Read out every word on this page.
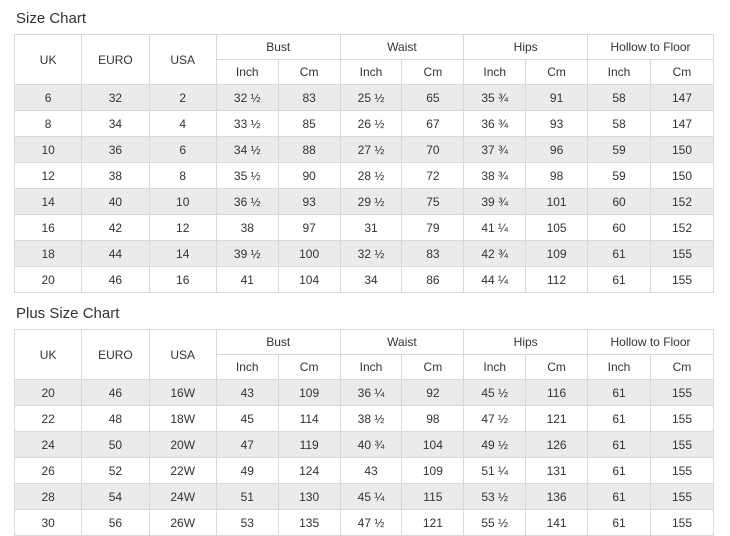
Size Chart
UK	EURO	USA	Bust		Waist		Hips		Hollow to Floor	
			Inch	Cm	Inch	Cm	Inch	Cm	Inch	Cm
6	32	2	32 ½	83	25 ½	65	35 ¾	91	58	147
8	34	4	33 ½	85	26 ½	67	36 ¾	93	58	147
10	36	6	34 ½	88	27 ½	70	37 ¾	96	59	150
12	38	8	35 ½	90	28 ½	72	38 ¾	98	59	150
14	40	10	36 ½	93	29 ½	75	39 ¾	101	60	152
16	42	12	38	97	31	79	41 ¼	105	60	152
18	44	14	39 ½	100	32 ½	83	42 ¾	109	61	155
20	46	16	41	104	34	86	44 ¼	112	61	155
Plus Size Chart
UK	EURO	USA	Bust		Waist		Hips		Hollow to Floor	
			Inch	Cm	Inch	Cm	Inch	Cm	Inch	Cm
20	46	16W	43	109	36 ¼	92	45 ½	116	61	155
22	48	18W	45	114	38 ½	98	47 ½	121	61	155
24	50	20W	47	119	40 ¾	104	49 ½	126	61	155
26	52	22W	49	124	43	109	51 ¼	131	61	155
28	54	24W	51	130	45 ¼	115	53 ½	136	61	155
30	56	26W	53	135	47 ½	121	55 ½	141	61	155
